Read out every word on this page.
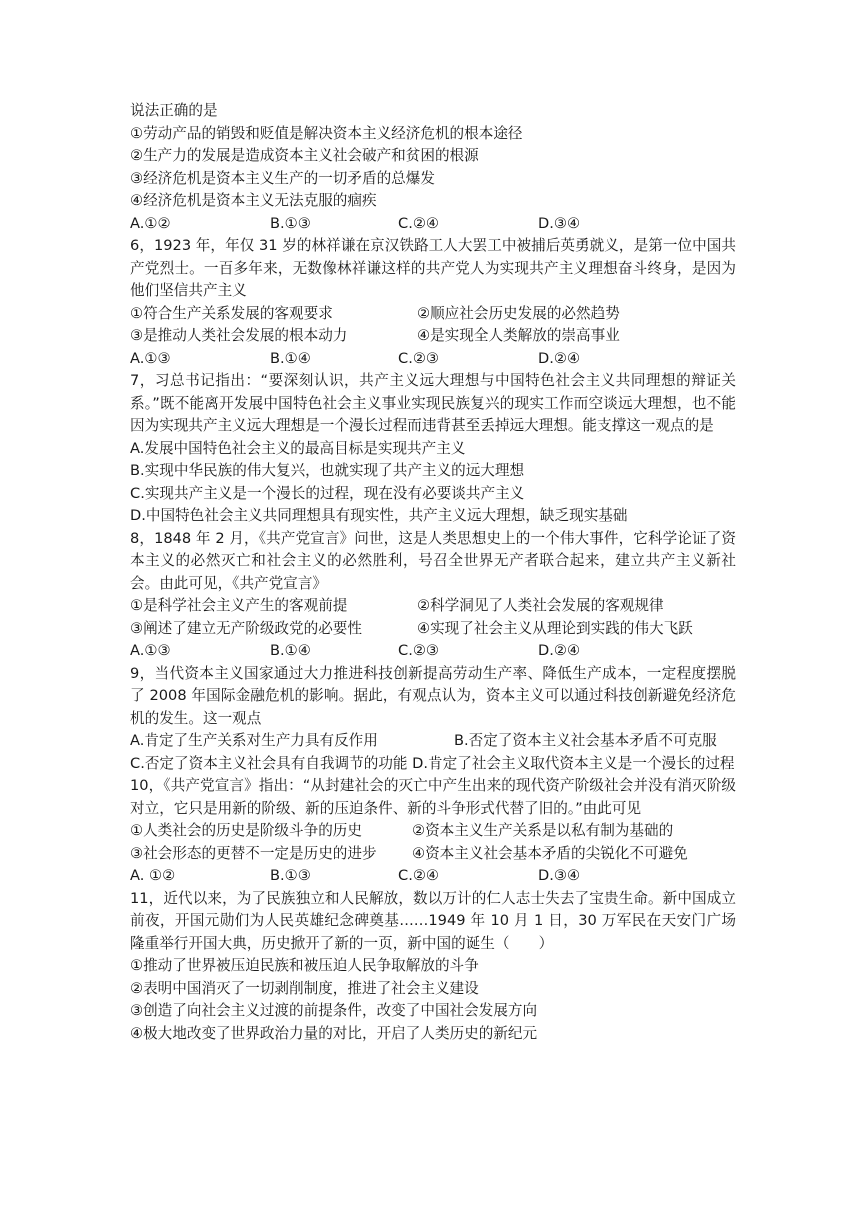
说法正确的是
①劳动产品的销毁和贬值是解决资本主义经济危机的根本途径
②生产力的发展是造成资本主义社会破产和贫困的根源
③经济危机是资本主义生产的一切矛盾的总爆发
④经济危机是资本主义无法克服的痼疾
A.①②	B.①③	C.②④	D.③④
6，1923 年，年仅 31 岁的林祥谦在京汉铁路工人大罢工中被捕后英勇就义，是第一位中国共产党烈士。一百多年来，无数像林祥谦这样的共产党人为实现共产主义理想奋斗终身，是因为他们坚信共产主义
①符合生产关系发展的客观要求	②顺应社会历史发展的必然趋势
③是推动人类社会发展的根本动力	④是实现全人类解放的崇高事业
A.①③	B.①④	C.②③	D.②④
7，习总书记指出：“要深刻认识，共产主义远大理想与中国特色社会主义共同理想的辩证关系。”既不能离开发展中国特色社会主义事业实现民族复兴的现实工作而空谈远大理想，也不能因为实现共产主义远大理想是一个漫长过程而违背甚至丢掉远大理想。能支撑这一观点的是
A.发展中国特色社会主义的最高目标是实现共产主义
B.实现中华民族的伟大复兴，也就实现了共产主义的远大理想
C.实现共产主义是一个漫长的过程，现在没有必要谈共产主义
D.中国特色社会主义共同理想具有现实性，共产主义远大理想，缺乏现实基础
8，1848 年 2 月，《共产党宣言》问世，这是人类思想史上的一个伟大事件，它科学论证了资本主义的必然灭亡和社会主义的必然胜利，号召全世界无产者联合起来，建立共产主义新社会。由此可见，《共产党宣言》
①是科学社会主义产生的客观前提	②科学洞见了人类社会发展的客观规律
③阐述了建立无产阶级政党的必要性	④实现了社会主义从理论到实践的伟大飞跃
A.①③	B.①④	C.②③	D.②④
9，当代资本主义国家通过大力推进科技创新提高劳动生产率、降低生产成本，一定程度摆脱了 2008 年国际金融危机的影响。据此，有观点认为，资本主义可以通过科技创新避免经济危机的发生。这一观点
A.肯定了生产关系对生产力具有反作用	B.否定了资本主义社会基本矛盾不可克服
C.否定了资本主义社会具有自我调节的功能 D.肯定了社会主义取代资本主义是一个漫长的过程
10，《共产党宣言》指出：“从封建社会的灭亡中产生出来的现代资产阶级社会并没有消灭阶级对立，它只是用新的阶级、新的压迫条件、新的斗争形式代替了旧的。”由此可见
①人类社会的历史是阶级斗争的历史	②资本主义生产关系是以私有制为基础的
③社会形态的更替不一定是历史的进步 ④资本主义社会基本矛盾的尖锐化不可避免
A. ①②	B.①③	C.②④	D.③④
11，近代以来，为了民族独立和人民解放，数以万计的仁人志士失去了宝贵生命。新中国成立前夜，开国元勋们为人民英雄纪念碑奠基……1949 年 10 月 1 日，30 万军民在天安门广场隆重举行开国大典，历史掀开了新的一页，新中国的诞生（　　）
①推动了世界被压迫民族和被压迫人民争取解放的斗争
②表明中国消灭了一切剥削制度，推进了社会主义建设
③创造了向社会主义过渡的前提条件，改变了中国社会发展方向
④极大地改变了世界政治力量的对比，开启了人类历史的新纪元
